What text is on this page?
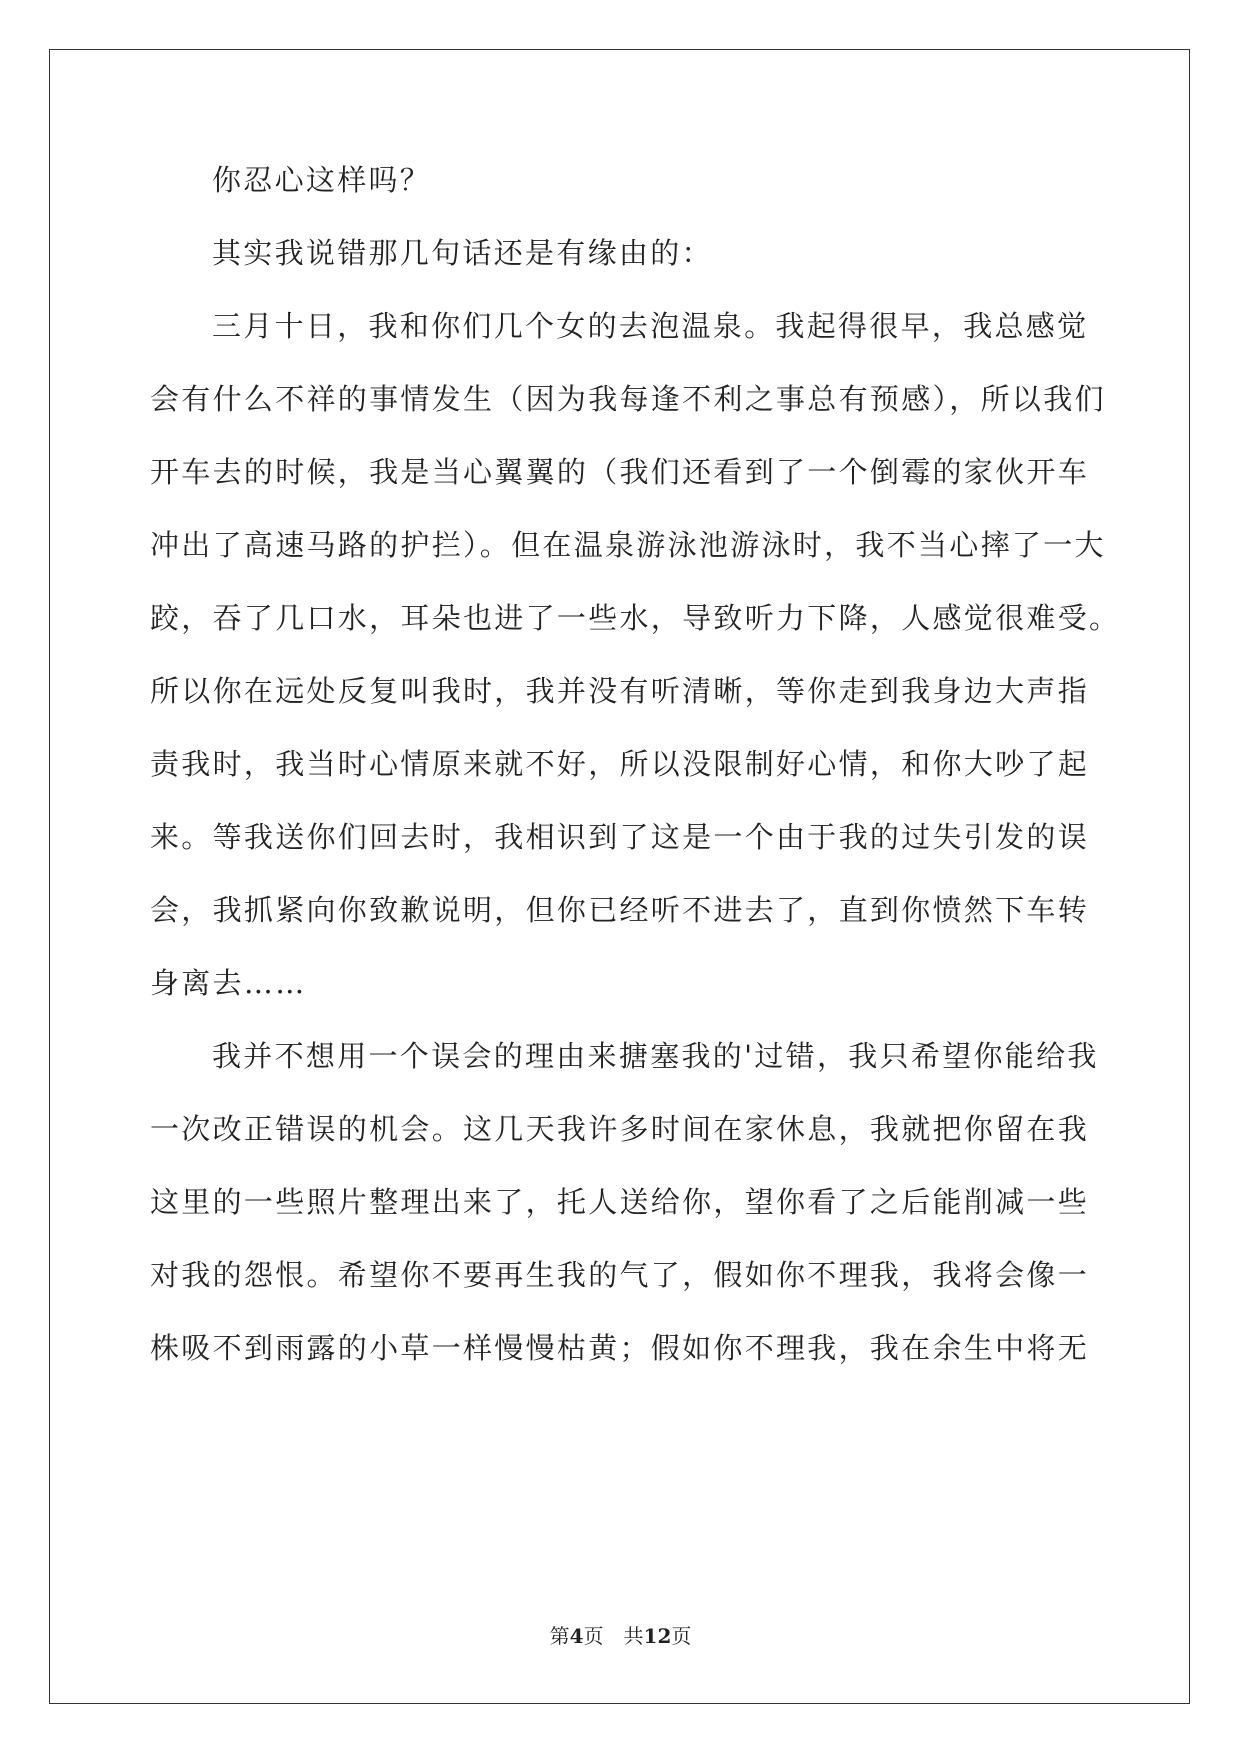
你忍心这样吗？
其实我说错那几句话还是有缘由的：
三月十日，我和你们几个女的去泡温泉。我起得很早，我总感觉
会有什么不祥的事情发生（因为我每逢不利之事总有预感），所以我们
开车去的时候，我是当心翼翼的（我们还看到了一个倒霉的家伙开车
冲出了高速马路的护拦）。但在温泉游泳池游泳时，我不当心摔了一大
跤，吞了几口水，耳朵也进了一些水，导致听力下降，人感觉很难受。
所以你在远处反复叫我时，我并没有听清晰，等你走到我身边大声指
责我时，我当时心情原来就不好，所以没限制好心情，和你大吵了起
来。等我送你们回去时，我相识到了这是一个由于我的过失引发的误
会，我抓紧向你致歉说明，但你已经听不进去了，直到你愤然下车转
身离去……
我并不想用一个误会的理由来搪塞我的'过错，我只希望你能给我
一次改正错误的机会。这几天我许多时间在家休息，我就把你留在我
这里的一些照片整理出来了，托人送给你，望你看了之后能削减一些
对我的怨恨。希望你不要再生我的气了，假如你不理我，我将会像一
株吸不到雨露的小草一样慢慢枯黄；假如你不理我，我在余生中将无
第4页 共12页
